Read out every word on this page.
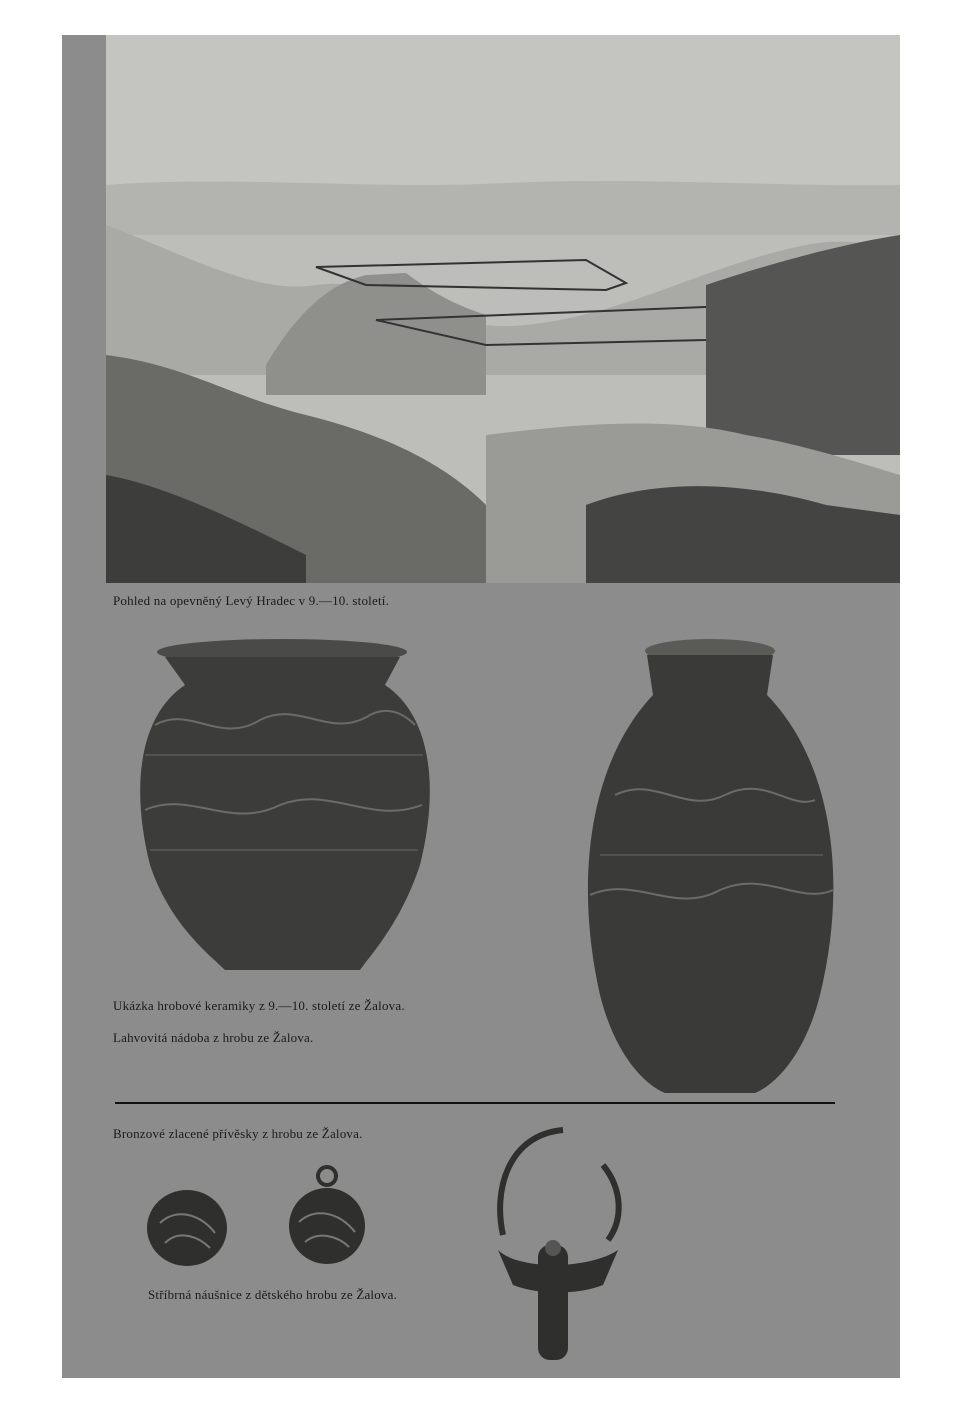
Pohled na opevněný Levý Hradec v 9.—10. století.
Ukázka hrobové keramiky z 9.—10. století ze Žalova.
Lahvovitá nádoba z hrobu ze Žalova.
Bronzové zlacené přívěsky z hrobu ze Žalova.
Stříbrná náušnice z dětského hrobu ze Žalova.
